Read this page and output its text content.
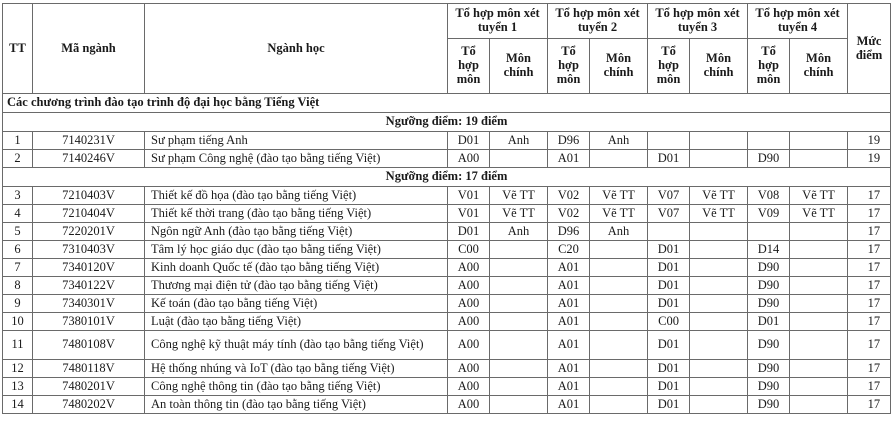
TT	Mã ngành	Ngành học	Tổ hợp môn xét tuyển 1		Tổ hợp môn xét tuyển 2		Tổ hợp môn xét tuyển 3		Tổ hợp môn xét tuyển 4		Mức điểm
			Tổ hợp môn	Môn chính	Tổ hợp môn	Môn chính	Tổ hợp môn	Môn chính	Tổ hợp môn	Môn chính	
Các chương trình đào tạo trình độ đại học bằng Tiếng Việt											
Ngưỡng điểm: 19 điểm											
1	7140231V	Sư phạm tiếng Anh	D01	Anh	D96	Anh					19
2	7140246V	Sư phạm Công nghệ (đào tạo bằng tiếng Việt)	A00		A01		D01		D90		19
Ngưỡng điểm: 17 điểm											
3	7210403V	Thiết kế đồ họa (đào tạo bằng tiếng Việt)	V01	Vẽ TT	V02	Vẽ TT	V07	Vẽ TT	V08	Vẽ TT	17
4	7210404V	Thiết kế thời trang (đào tạo bằng tiếng Việt)	V01	Vẽ TT	V02	Vẽ TT	V07	Vẽ TT	V09	Vẽ TT	17
5	7220201V	Ngôn ngữ Anh (đào tạo bằng tiếng Việt)	D01	Anh	D96	Anh					17
6	7310403V	Tâm lý học giáo dục (đào tạo bằng tiếng Việt)	C00		C20		D01		D14		17
7	7340120V	Kinh doanh Quốc tế (đào tạo bằng tiếng Việt)	A00		A01		D01		D90		17
8	7340122V	Thương mại điện tử (đào tạo bằng tiếng Việt)	A00		A01		D01		D90		17
9	7340301V	Kế toán (đào tạo bằng tiếng Việt)	A00		A01		D01		D90		17
10	7380101V	Luật (đào tạo bằng tiếng Việt)	A00		A01		C00		D01		17
11	7480108V	Công nghệ kỹ thuật máy tính (đào tạo bằng tiếng Việt)	A00		A01		D01		D90		17
12	7480118V	Hệ thống nhúng và IoT (đào tạo bằng tiếng Việt)	A00		A01		D01		D90		17
13	7480201V	Công nghệ thông tin (đào tạo bằng tiếng Việt)	A00		A01		D01		D90		17
14	7480202V	An toàn thông tin (đào tạo bằng tiếng Việt)	A00		A01		D01		D90		17
